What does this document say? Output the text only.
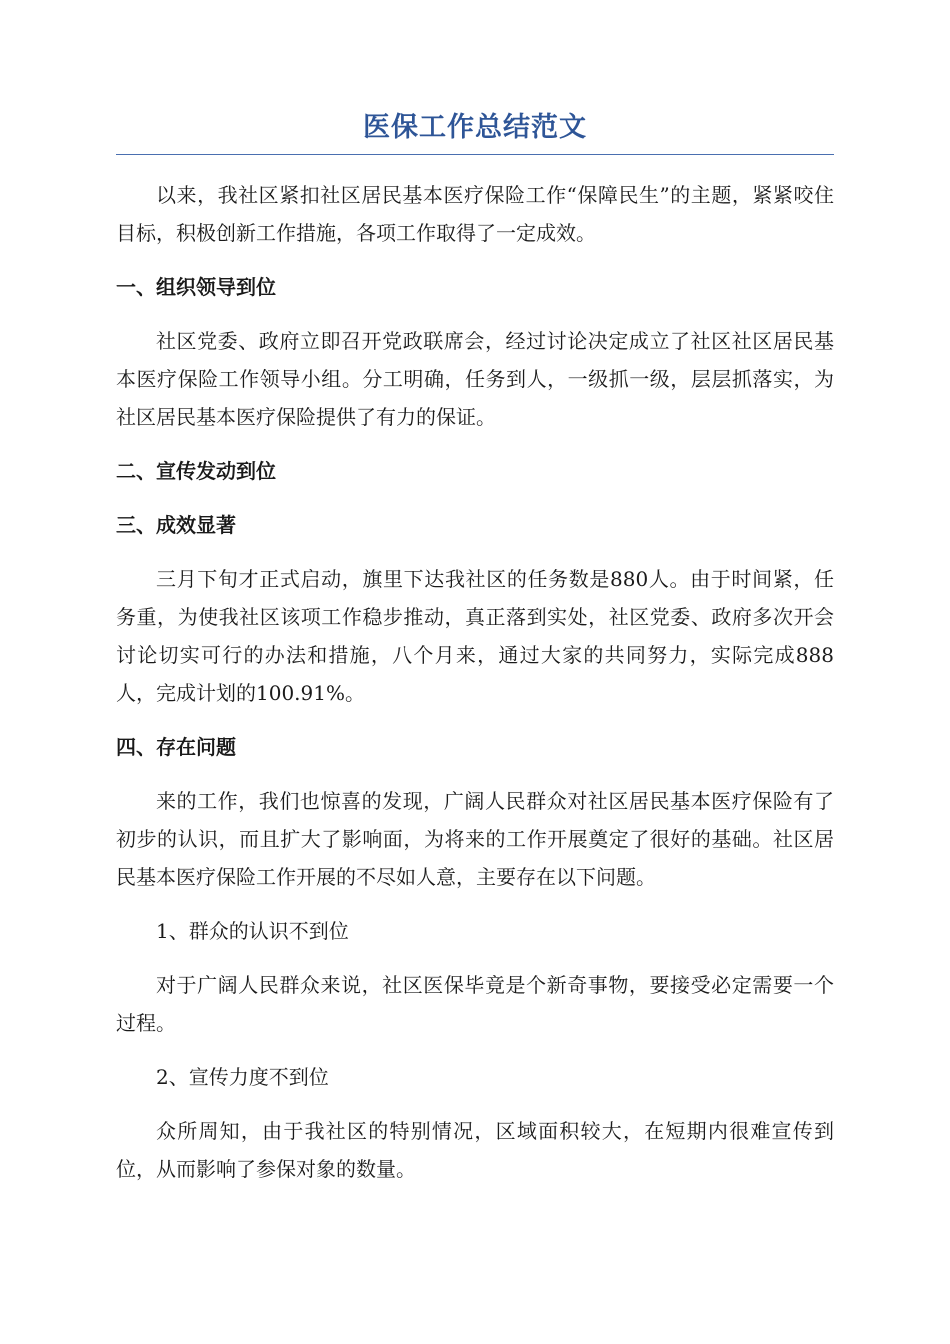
医保工作总结范文

以来，我社区紧扣社区居民基本医疗保险工作“保障民生”的主题，紧紧咬住目标，积极创新工作措施，各项工作取得了一定成效。

一、组织领导到位

社区党委、政府立即召开党政联席会，经过讨论决定成立了社区社区居民基本医疗保险工作领导小组。分工明确，任务到人，一级抓一级，层层抓落实，为社区居民基本医疗保险提供了有力的保证。

二、宣传发动到位

三、成效显著

三月下旬才正式启动，旗里下达我社区的任务数是880人。由于时间紧，任务重，为使我社区该项工作稳步推动，真正落到实处，社区党委、政府多次开会讨论切实可行的办法和措施，八个月来，通过大家的共同努力，实际完成888人，完成计划的100.91%。

四、存在问题

来的工作，我们也惊喜的发现，广阔人民群众对社区居民基本医疗保险有了初步的认识，而且扩大了影响面，为将来的工作开展奠定了很好的基础。社区居民基本医疗保险工作开展的不尽如人意，主要存在以下问题。

1、群众的认识不到位

对于广阔人民群众来说，社区医保毕竟是个新奇事物，要接受必定需要一个过程。

2、宣传力度不到位

众所周知，由于我社区的特别情况，区域面积较大，在短期内很难宣传到位，从而影响了参保对象的数量。
